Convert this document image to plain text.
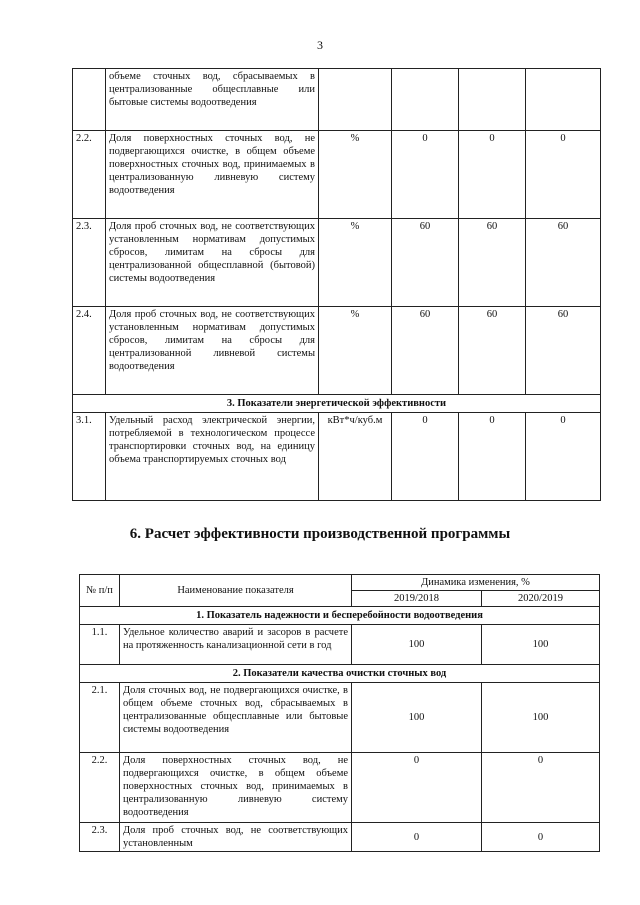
3
	объеме сточных вод, сбрасываемых в централизованные общесплавные или бытовые системы водоотведения				
2.2.	Доля поверхностных сточных вод, не подвергающихся очистке, в общем объеме поверхностных сточных вод, принимаемых в централизованную ливневую систему водоотведения	%	0	0	0
2.3.	Доля проб сточных вод, не соответствующих установленным нормативам допустимых сбросов, лимитам на сбросы для централизованной общесплавной (бытовой) системы водоотведения	%	60	60	60
2.4.	Доля проб сточных вод, не соответствующих установленным нормативам допустимых сбросов, лимитам на сбросы для централизованной ливневой системы водоотведения	%	60	60	60
3. Показатели энергетической эффективности					
3.1.	Удельный расход электрической энергии, потребляемой в технологическом процессе транспортировки сточных вод, на единицу объема транспортируемых сточных вод	кВт*ч/куб.м	0	0	0
6. Расчет эффективности производственной программы
№ п/п	Наименование показателя	Динамика изменения, %	
		2019/2018	2020/2019
1. Показатель надежности и бесперебойности водоотведения			
1.1.	Удельное количество аварий и засоров в расчете на протяженность канализационной сети в год	100	100
2. Показатели качества очистки сточных вод			
2.1.	Доля сточных вод, не подвергающихся очистке, в общем объеме сточных вод, сбрасываемых в централизованные общесплавные или бытовые системы водоотведения	100	100
2.2.	Доля поверхностных сточных вод, не подвергающихся очистке, в общем объеме поверхностных сточных вод, принимаемых в централизованную ливневую систему водоотведения	0	0
2.3.	Доля проб сточных вод, не соответствующих установленным	0	0
